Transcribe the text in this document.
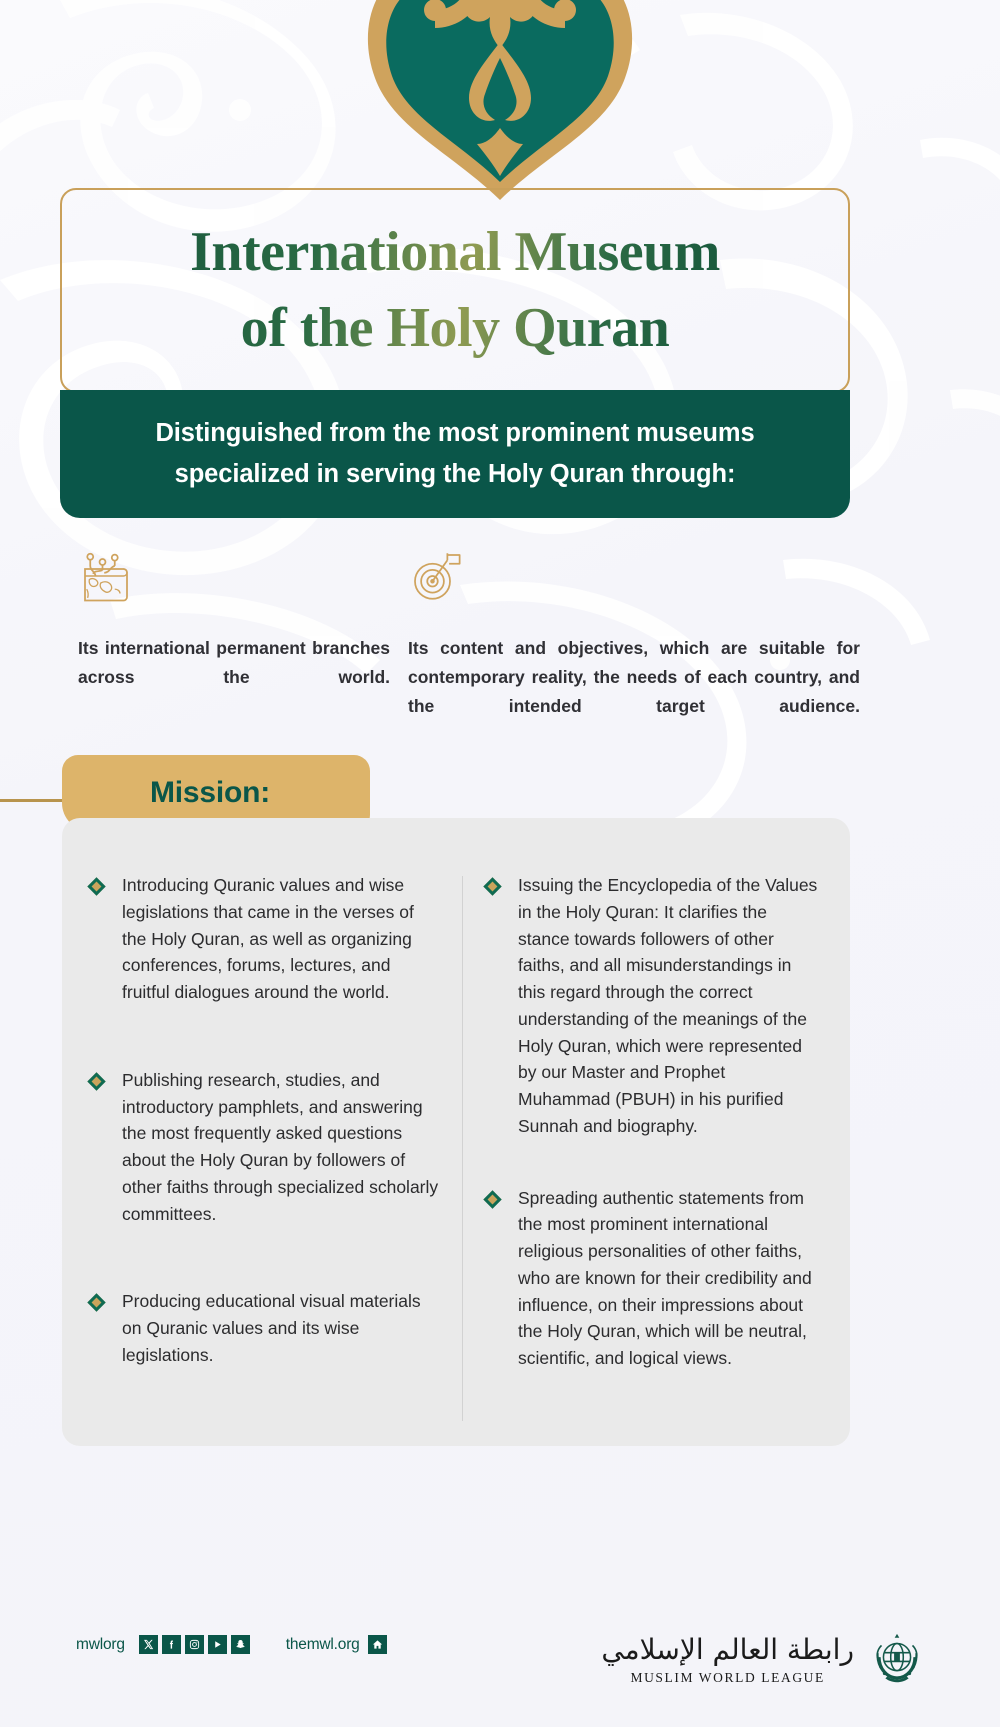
International Museum
of the Holy Quran
Distinguished from the most prominent museums
specialized in serving the Holy Quran through:
Its international permanent branches across the world.
Its content and objectives, which are suitable for contemporary reality, the needs of each country, and the intended target audience.
Mission:
Introducing Quranic values and wise legislations that came in the verses of the Holy Quran, as well as organizing conferences, forums, lectures, and fruitful dialogues around the world.
Publishing research, studies, and introductory pamphlets, and answering the most frequently asked questions about the Holy Quran by followers of other faiths through specialized scholarly committees.
Producing educational visual materials on Quranic values and its wise legislations.
Issuing the Encyclopedia of the Values in the Holy Quran: It clarifies the stance towards followers of other faiths, and all misunderstandings in this regard through the correct understanding of the meanings of the Holy Quran, which were represented by our Master and Prophet Muhammad (PBUH) in his purified Sunnah and biography.
Spreading authentic statements from the most prominent international religious personalities of other faiths, who are known for their credibility and influence, on their impressions about the Holy Quran, which will be neutral, scientific, and logical views.
mwlorg	themwl.org	رابطة العالم الإسلامي
MUSLIM WORLD LEAGUE
